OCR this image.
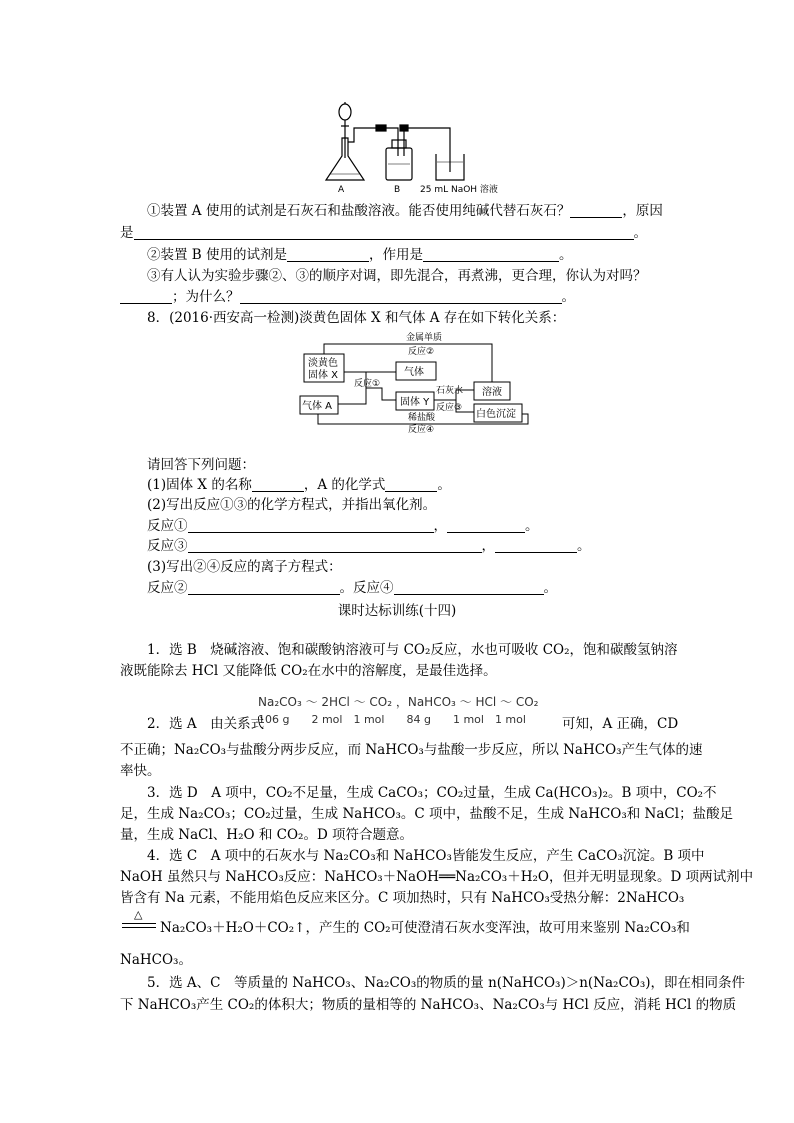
A	B 25 mL NaOH 溶液
①装置 A 使用的试剂是石灰石和盐酸溶液。能否使用纯碱代替石灰石？	，原因
是	。
②装置 B 使用的试剂是	，作用是	。
③有人认为实验步骤②、③的顺序对调，即先混合，再煮沸，更合理，你认为对吗？
；为什么？	。
8．(2016·西安高一检测)淡黄色固体 X 和气体 A 存在如下转化关系：
金属单质
反应②
淡黄色
固体 X	气体
反应①
气体 A	固体 Y
石灰水
反应③
溶液
白色沉淀
稀盐酸
反应④
请回答下列问题：
(1)固体 X 的名称	，A 的化学式	。
(2)写出反应①③的化学方程式，并指出氧化剂。
反应①	，	。
反应③	，	。
(3)写出②④反应的离子方程式：
反应②	。反应④	。
课时达标训练(十四)
1．选 B　烧碱溶液、饱和碳酸钠溶液可与 CO₂反应，水也可吸收 CO₂，饱和碳酸氢钠溶
液既能除去 HCl 又能降低 CO₂在水中的溶解度，是最佳选择。
Na₂CO₃ ～ 2HCl ～ CO₂ ，NaHCO₃ ～ HCl ～ CO₂
106 g　　2 mol　1 mol　　84 g　　1 mol　1 mol
2．选 A　由关系式	可知，A 正确，CD
不正确；Na₂CO₃与盐酸分两步反应，而 NaHCO₃与盐酸一步反应，所以 NaHCO₃产生气体的速
率快。
3．选 D　A 项中，CO₂不足量，生成 CaCO₃；CO₂过量，生成 Ca(HCO₃)₂。B 项中，CO₂不
足，生成 Na₂CO₃；CO₂过量，生成 NaHCO₃。C 项中，盐酸不足，生成 NaHCO₃和 NaCl；盐酸足
量，生成 NaCl、H₂O 和 CO₂。D 项符合题意。
4．选 C　A 项中的石灰水与 Na₂CO₃和 NaHCO₃皆能发生反应，产生 CaCO₃沉淀。B 项中
NaOH 虽然只与 NaHCO₃反应：NaHCO₃＋NaOH══Na₂CO₃＋H₂O，但并无明显现象。D 项两试剂中
皆含有 Na 元素，不能用焰色反应来区分。C 项加热时，只有 NaHCO₃受热分解：2NaHCO₃
△
Na₂CO₃＋H₂O＋CO₂↑，产生的 CO₂可使澄清石灰水变浑浊，故可用来鉴别 Na₂CO₃和
NaHCO₃。
5．选 A、C　等质量的 NaHCO₃、Na₂CO₃的物质的量 n(NaHCO₃)＞n(Na₂CO₃)，即在相同条件
下 NaHCO₃产生 CO₂的体积大；物质的量相等的 NaHCO₃、Na₂CO₃与 HCl 反应，消耗 HCl 的物质
